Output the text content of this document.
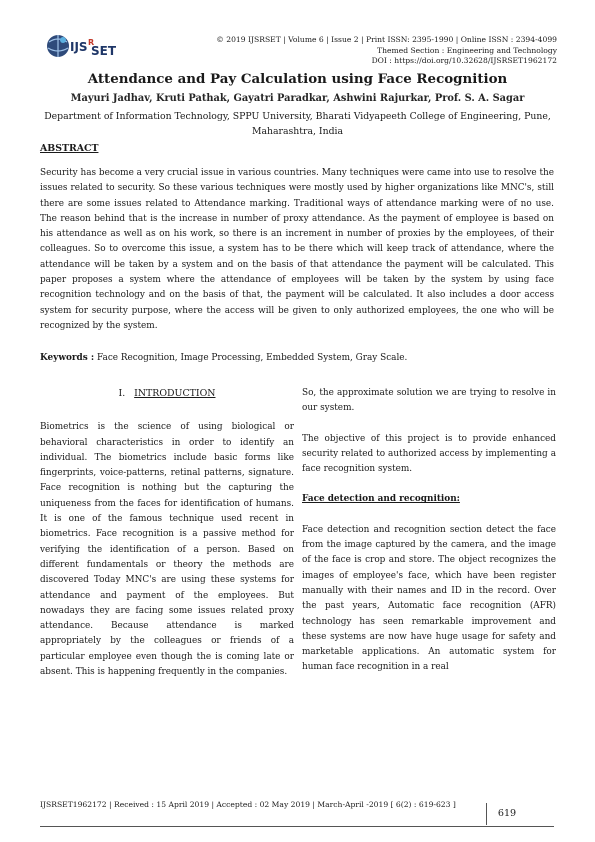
IJS SET
R	© 2019 IJSRSET | Volume 6 | Issue 2 | Print ISSN: 2395-1990 | Online ISSN : 2394-4099
Themed Section : Engineering and Technology
DOI : https://doi.org/10.32628/IJSRSET1962172
Attendance and Pay Calculation using Face Recognition
Mayuri Jadhav, Kruti Pathak, Gayatri Paradkar, Ashwini Rajurkar, Prof. S. A. Sagar
Department of Information Technology, SPPU University, Bharati Vidyapeeth College of Engineering, Pune, Maharashtra, India
ABSTRACT

Security has become a very crucial issue in various countries. Many techniques were came into use to resolve the issues related to security. So these various techniques were mostly used by higher organizations like MNC's, still there are some issues related to Attendance marking. Traditional ways of attendance marking were of no use. The reason behind that is the increase in number of proxy attendance. As the payment of employee is based on his attendance as well as on his work, so there is an increment in number of proxies by the employees, of their colleagues. So to overcome this issue, a system has to be there which will keep track of attendance, where the attendance will be taken by a system and on the basis of that attendance the payment will be calculated. This paper proposes a system where the attendance of employees will be taken by the system by using face recognition technology and on the basis of that, the payment will be calculated. It also includes a door access system for security purpose, where the access will be given to only authorized employees, the one who will be recognized by the system.

Keywords : Face Recognition, Image Processing, Embedded System, Gray Scale.
I. INTRODUCTION

Biometrics is the science of using biological or behavioral characteristics in order to identify an individual. The biometrics include basic forms like fingerprints, voice-patterns, retinal patterns, signature. Face recognition is nothing but the capturing the uniqueness from the faces for identification of humans. It is one of the famous technique used recent in biometrics. Face recognition is a passive method for verifying the identification of a person. Based on different fundamentals or theory the methods are discovered Today MNC's are using these systems for attendance and payment of the employees. But nowadays they are facing some issues related proxy attendance. Because attendance is marked appropriately by the colleagues or friends of a particular employee even though the is coming late or absent. This is happening frequently in the companies.

So, the approximate solution we are trying to resolve in our system.

The objective of this project is to provide enhanced security related to authorized access by implementing a face recognition system.

Face detection and recognition:

Face detection and recognition section detect the face from the image captured by the camera, and the image of the face is crop and store. The object recognizes the images of employee's face, which have been register manually with their names and ID in the record. Over the past years, Automatic face recognition (AFR) technology has seen remarkable improvement and these systems are now have huge usage for safety and marketable applications. An automatic system for human face recognition in a real

IJSRSET1962172 | Received : 15 April 2019 | Accepted : 02 May 2019 | March-April -2019 [ 6(2) : 619-623 ]
619
